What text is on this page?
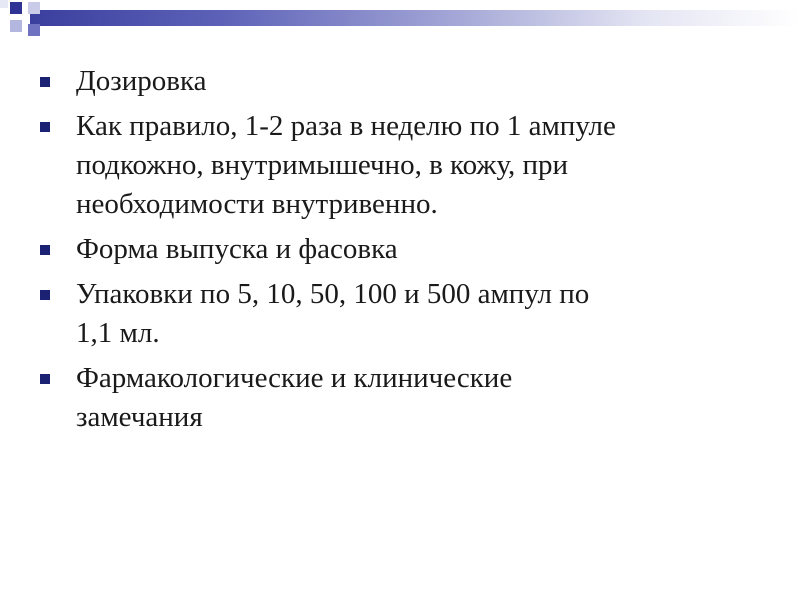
Дозировка
Как правило, 1-2 раза в неделю по 1 ампуле
подкожно, внутримышечно, в кожу, при
необходимости внутривенно.
Форма выпуска и фасовка
Упаковки по 5, 10, 50, 100 и 500 ампул по
1,1 мл.
Фармакологические и клинические
замечания
